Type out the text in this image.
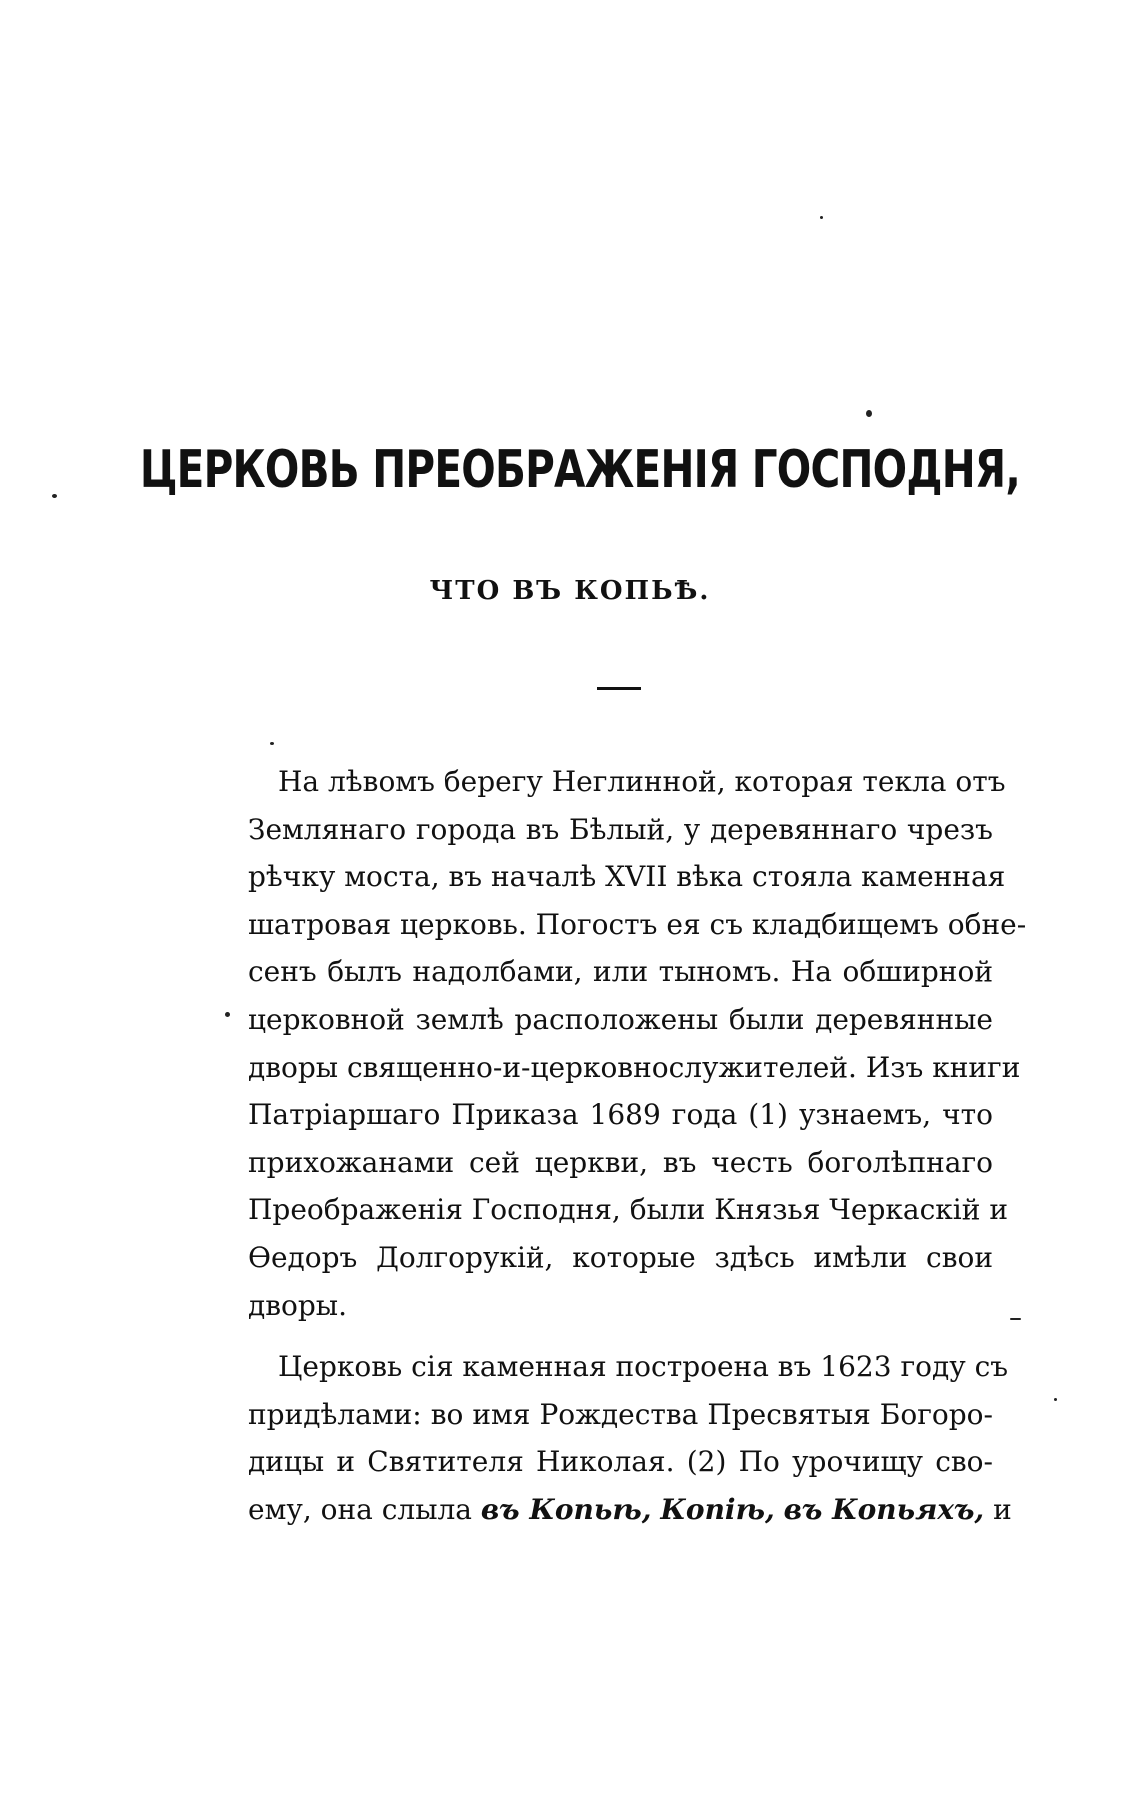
ЦЕРКОВЬ ПРЕОБРАЖЕНІЯ ГОСПОДНЯ,
ЧТО ВЪ КОПЬѢ.
На лѣвомъ берегу Неглинной, которая текла отъ
Землянаго города въ Бѣлый, у деревяннаго чрезъ
рѣчку моста, въ началѣ XVII вѣка стояла каменная
шатровая церковь. Погостъ ея съ кладбищемъ обне-
сенъ былъ надолбами, или тыномъ. На обширной
церковной землѣ расположены были деревянные
дворы священно-и-церковнослужителей. Изъ книги
Патріаршаго Приказа 1689 года (1) узнаемъ, что
прихожанами сей церкви, въ честь боголѣпнаго
Преображенія Господня, были Князья Черкаскій и
Ѳедоръ Долгорукій, которые здѣсь имѣли свои
дворы.
Церковь сія каменная построена въ 1623 году съ
придѣлами: во имя Рождества Пресвятыя Богоро-
дицы и Святителя Николая. (2) По урочищу сво-
ему, она слыла въ Копьѣ, Копіѣ, въ Копьяхъ, и
